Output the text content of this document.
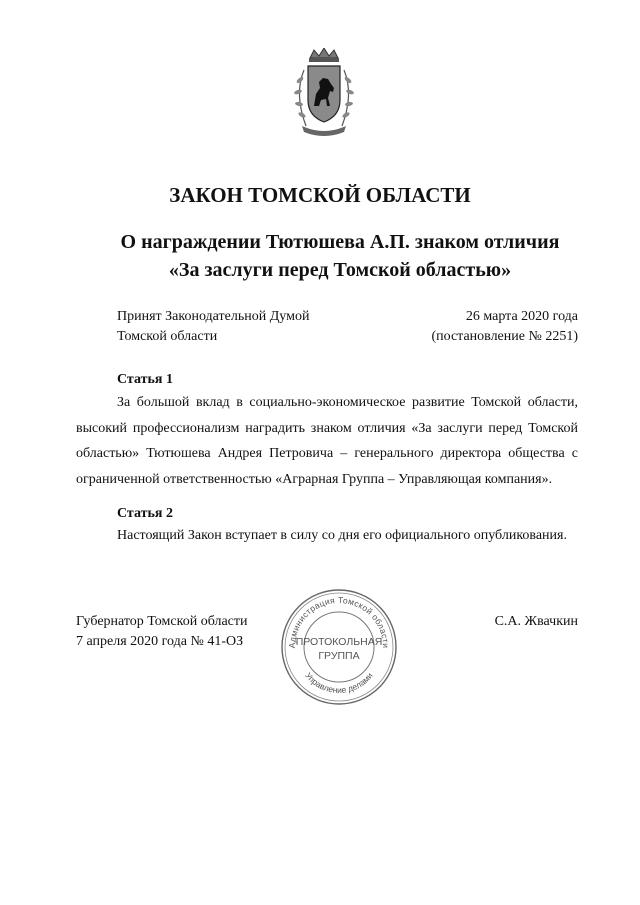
ЗАКОН ТОМСКОЙ ОБЛАСТИ
О награждении Тютюшева А.П. знаком отличия
«За заслуги перед Томской областью»
Принят Законодательной Думой
Томской области
26 марта 2020 года
(постановление № 2251)
Статья 1
За большой вклад в социально-экономическое развитие Томской области, высокий профессионализм наградить знаком отличия «За заслуги перед Томской областью» Тютюшева Андрея Петровича – генерального директора общества с ограниченной ответственностью «Аграрная Группа – Управляющая компания».
Статья 2
Настоящий Закон вступает в силу со дня его официального опубликования.
Губернатор Томской области
7 апреля 2020 года № 41-ОЗ
С.А. Жвачкин
Администрация Томской области
Управление делами
ПРОТОКОЛЬНАЯ
ГРУППА
